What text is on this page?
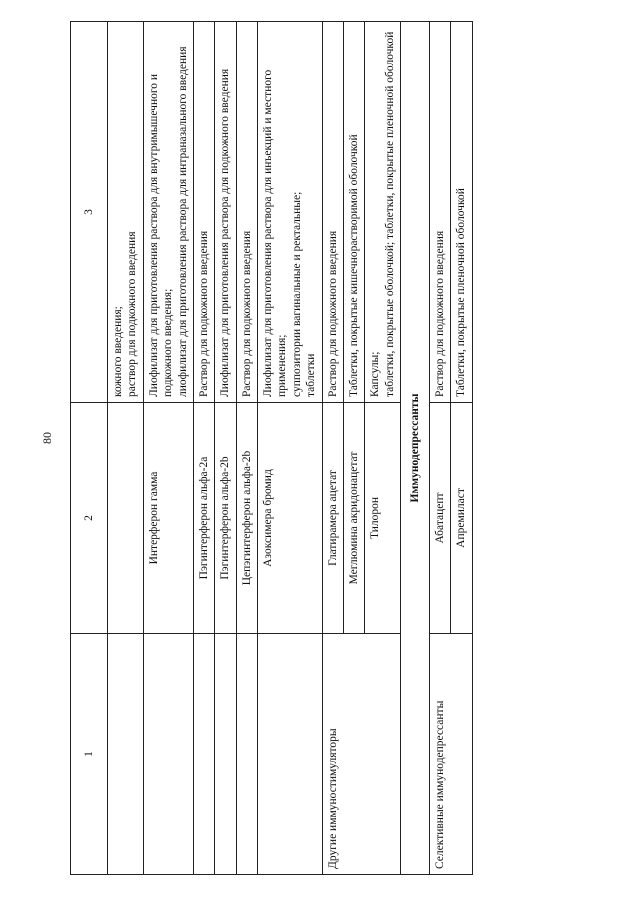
80
1	2	3
		кожного введения;
раствор для подкожного введения
	Интерферон гамма	Лиофилизат для приготовления раствора для внутримышечного и подкожного введения;
лиофилизат для приготовления раствора для интраназального введения
	Пэгинтерферон альфа-2a	Раствор для подкожного введения
	Пэгинтерферон альфа-2b	Лиофилизат для приготовления раствора для подкожного введения
	Цепэгинтерферон альфа-2b	Раствор для подкожного введения
	Азоксимера бромид	Лиофилизат для приготовления раствора для инъекций и местного применения;
суппозитории вагинальные и ректальные;
таблетки
Другие иммуностимуляторы	Глатирамера ацетат	Раствор для подкожного введения
	Меглюмина акридонацетат	Таблетки, покрытые кишечнорастворимой оболочкой
	Тилорон	Капсулы;
таблетки, покрытые оболочкой; таблетки, покрытые пленочной оболочкой
Иммунодепрессанты		
Селективные иммунодепрессанты	Абатацепт	Раствор для подкожного введения
	Апремиласт	Таблетки, покрытые пленочной оболочкой
